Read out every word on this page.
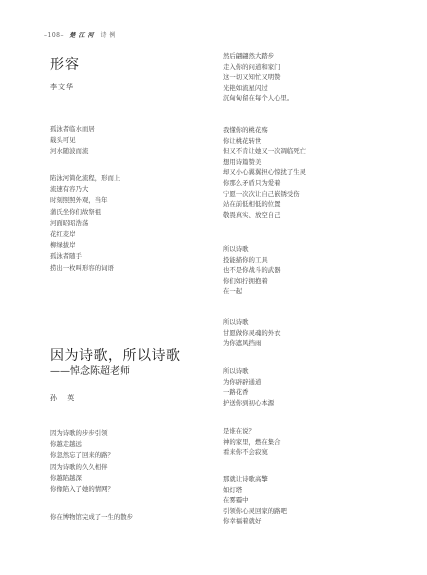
–108– 楚 江 河 诗 例
形容
李文华
孤泳者临水而居
载头可见
河水随波而流
陷泳河简化流程，形而上
流速有容乃大
时刻照照外观，当年
蒲氏坐你们故祭祖
河面昭昭浩荡
花红麦岸
柳绿拔岸
孤泳者随手
捞出一枚叫形容的词语
因为诗歌，所以诗歌
——悼念陈超老师
孙 英
因为诗歌的步步引领
你越走越远
你忽然忘了回来的路？
因为诗歌的久久相伴
你越陷越深
你像陷入了她的情网？
你在博物馆完成了一生的散步
然后翩翩然大踏步
走入你的问道和家门
这一切又知忙又明赞
光艳如流星闪过
沉甸甸留在每个人心里。
我懂你的桃花殇
你让桃花转世
但又不肯让她又一次凋临死亡
想用诗篇赞美
却又小心翼翼担心惊扰了生灵
你那么矛盾只为爱着
宁愿一次次让自己嵌锈受伤
站在前低相低的位置
敬畏真实、放空自己
所以诗歌
投能描你的工具
也不是你战斗的武器
你们如拧拥抱着
在一起
所以诗歌
甘愿做你灵魂的外衣
为你遮风挡雨
所以诗歌
为你辟辟通道
一路花香
护送你到初心本源
是谁在说？
神的家里，燃在集合
看来你不会寂寞
那就让诗歌高擎
如灯塔
在雾霾中
引领你心灵回家的路吧
你幸福着就好
